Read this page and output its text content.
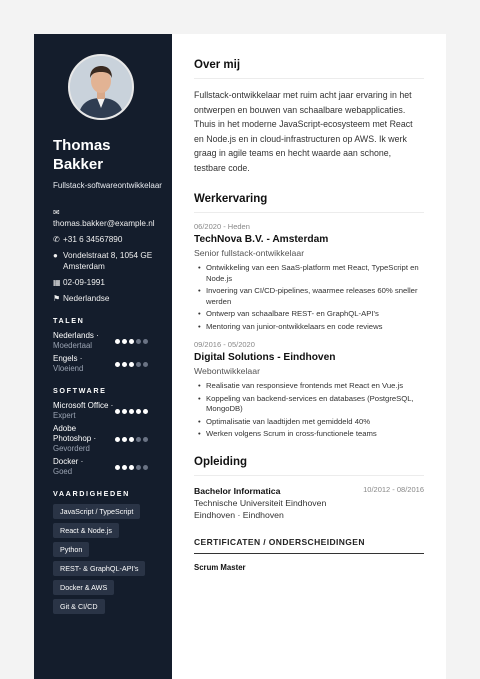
Thomas Bakker
Fullstack-softwareontwikkelaar
✉
thomas.bakker@example.nl
✆ +31 6 34567890
● Vondelstraat 8, 1054 GE Amsterdam
▦ 02-09-1991
⚑ Nederlandse
TALEN
Nederlands ·
Moedertaal
Engels ·
Vloeiend
SOFTWARE
Microsoft Office ·
Expert
Adobe Photoshop ·
Gevorderd
Docker ·
Goed
VAARDIGHEDEN
JavaScript / TypeScript
React & Node.js
Python
REST- & GraphQL-API's
Docker & AWS
Git & CI/CD
Over mij

Fullstack-ontwikkelaar met ruim acht jaar ervaring in het ontwerpen en bouwen van schaalbare webapplicaties. Thuis in het moderne JavaScript-ecosysteem met React en Node.js en in cloud-infrastructuren op AWS. Ik werk graag in agile teams en hecht waarde aan schone, testbare code.

Werkervaring
06/2020 - Heden
TechNova B.V. - Amsterdam
Senior fullstack-ontwikkelaar
• Ontwikkeling van een SaaS-platform met React, TypeScript en Node.js
• Invoering van CI/CD-pipelines, waarmee releases 60% sneller werden
• Ontwerp van schaalbare REST- en GraphQL-API's
• Mentoring van junior-ontwikkelaars en code reviews
09/2016 - 05/2020
Digital Solutions - Eindhoven
Webontwikkelaar
• Realisatie van responsieve frontends met React en Vue.js
• Koppeling van backend-services en databases (PostgreSQL, MongoDB)
• Optimalisatie van laadtijden met gemiddeld 40%
• Werken volgens Scrum in cross-functionele teams
Opleiding
Bachelor Informatica	10/2012 - 08/2016
Technische Universiteit Eindhoven
Eindhoven · Eindhoven
CERTIFICATEN / ONDERSCHEIDINGEN
Scrum Master
